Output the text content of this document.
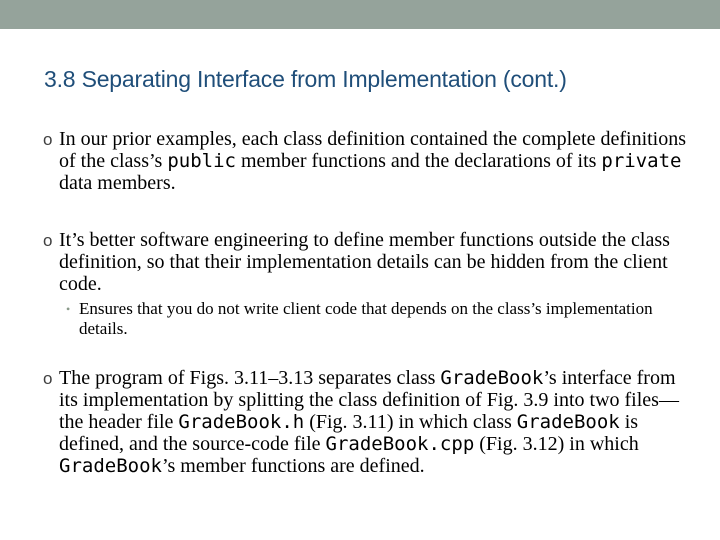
3.8 Separating Interface from Implementation (cont.)
o In our prior examples, each class definition contained the complete definitions of the class’s public member functions and the declarations of its private data members.
o It’s better software engineering to define member functions outside the class definition, so that their implementation details can be hidden from the client code.
• Ensures that you do not write client code that depends on the class’s implementation details.
o The program of Figs. 3.11–3.13 separates class GradeBook’s interface from its implementation by splitting the class definition of Fig. 3.9 into two files—the header file GradeBook.h (Fig. 3.11) in which class GradeBook is defined, and the source-code file GradeBook.cpp (Fig. 3.12) in which GradeBook’s member functions are defined.
